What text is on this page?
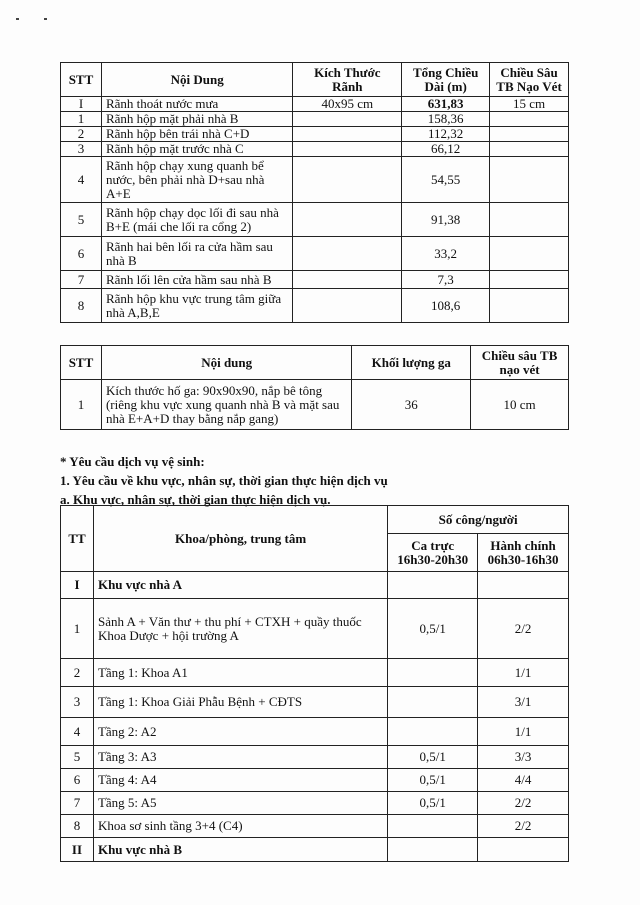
STT	Nội Dung	Kích Thước Rãnh	Tổng Chiều Dài (m)	Chiều Sâu TB Nạo Vét
I	Rãnh thoát nước mưa	40x95 cm	631,83	15 cm
1	Rãnh hộp mặt phải nhà B		158,36	
2	Rãnh hộp bên trái nhà C+D		112,32	
3	Rãnh hộp mặt trước nhà C		66,12	
4	Rãnh hộp chạy xung quanh bể nước, bên phải nhà D+sau nhà A+E		54,55	
5	Rãnh hộp chạy dọc lối đi sau nhà B+E (mái che lối ra cổng 2)		91,38	
6	Rãnh hai bên lối ra cửa hầm sau nhà B		33,2	
7	Rãnh lối lên cửa hầm sau nhà B		7,3	
8	Rãnh hộp khu vực trung tâm giữa nhà A,B,E		108,6	
STT	Nội dung	Khối lượng ga	Chiều sâu TB nạo vét
1	Kích thước hố ga: 90x90x90, nắp bê tông (riêng khu vực xung quanh nhà B và mặt sau nhà E+A+D thay bằng nắp gang)	36	10 cm
* Yêu cầu dịch vụ vệ sinh:
1. Yêu cầu về khu vực, nhân sự, thời gian thực hiện dịch vụ
a. Khu vực, nhân sự, thời gian thực hiện dịch vụ.
TT	Khoa/phòng, trung tâm	Số công/người	
		Ca trực 16h30-20h30	Hành chính 06h30-16h30
I	Khu vực nhà A		
1	Sảnh A + Văn thư + thu phí + CTXH + quầy thuốc Khoa Dược + hội trường A	0,5/1	2/2
2	Tầng 1: Khoa A1		1/1
3	Tầng 1: Khoa Giải Phẫu Bệnh + CĐTS		3/1
4	Tầng 2: A2		1/1
5	Tầng 3: A3	0,5/1	3/3
6	Tầng 4: A4	0,5/1	4/4
7	Tầng 5: A5	0,5/1	2/2
8	Khoa sơ sinh tầng 3+4 (C4)		2/2
II	Khu vực nhà B		
